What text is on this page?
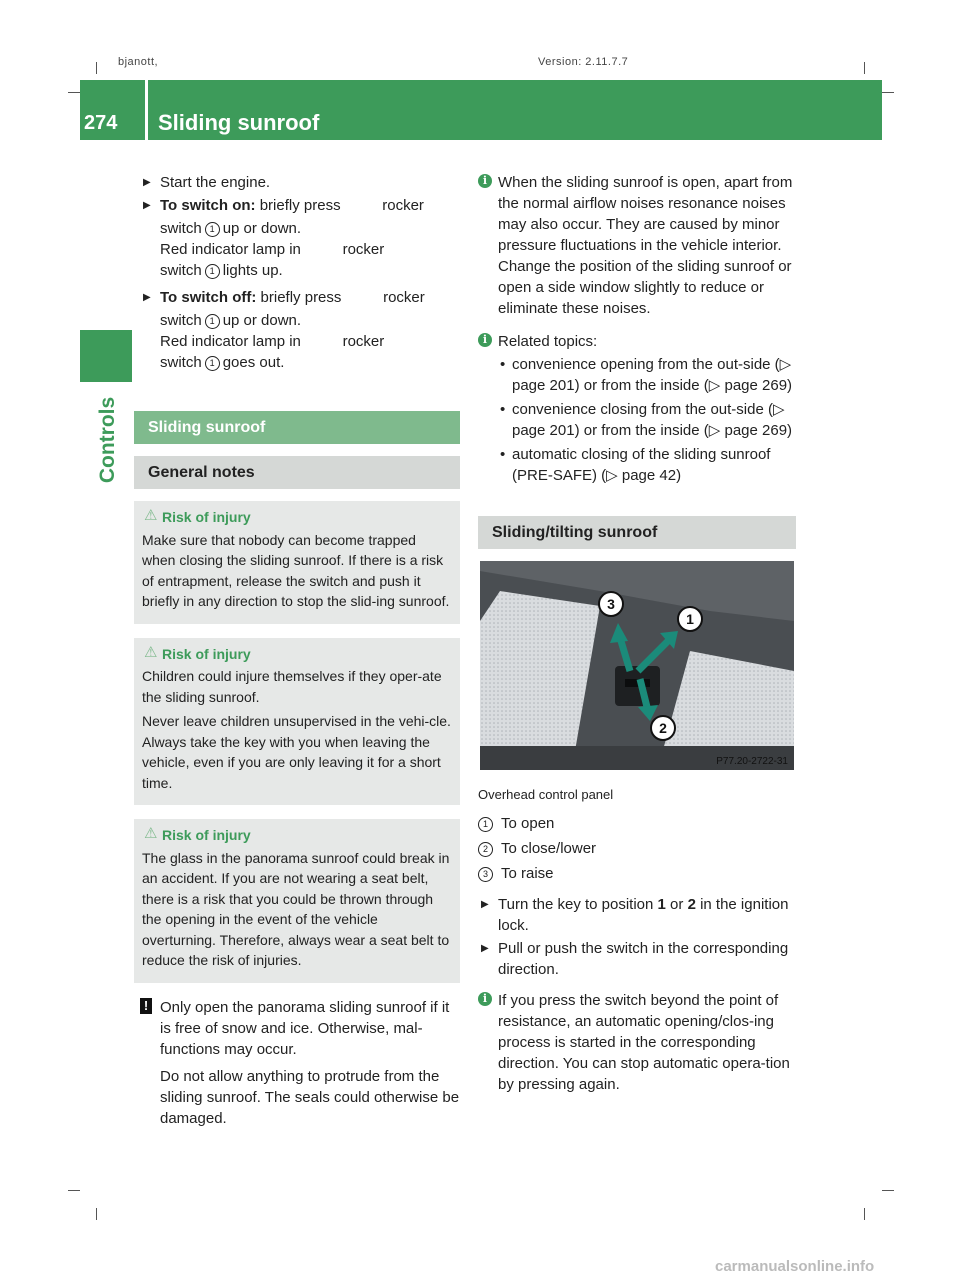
bjanott,	Version: 2.11.7.7
274 Sliding sunroof
Controls
▶ Start the engine.
▶ To switch on: briefly press          rocker
switch 1 up or down.
Red indicator lamp in          rocker
switch 1 lights up.
▶ To switch off: briefly press          rocker
switch 1 up or down.
Red indicator lamp in          rocker
switch 1 goes out.
Sliding sunroof
General notes
⚠ Risk of injury

Make sure that nobody can become trapped when closing the sliding sunroof. If there is a risk of entrapment, release the switch and push it briefly in any direction to stop the slid-ing sunroof.

⚠ Risk of injury

Children could injure themselves if they oper-ate the sliding sunroof.

Never leave children unsupervised in the vehi-cle. Always take the key with you when leaving the vehicle, even if you are only leaving it for a short time.

⚠ Risk of injury

The glass in the panorama sunroof could break in an accident. If you are not wearing a seat belt, there is a risk that you could be thrown through the opening in the event of the vehicle overturning. Therefore, always wear a seat belt to reduce the risk of injuries.

! Only open the panorama sliding sunroof if it is free of snow and ice. Otherwise, mal-functions may occur.

Do not allow anything to protrude from the sliding sunroof. The seals could otherwise be damaged.

i When the sliding sunroof is open, apart from the normal airflow noises resonance noises may also occur. They are caused by minor pressure fluctuations in the vehicle interior. Change the position of the sliding sunroof or open a side window slightly to reduce or eliminate these noises.
i Related topics:
• convenience opening from the out-side (▷ page 201) or from the inside (▷ page 269)
• convenience closing from the out-side (▷ page 201) or from the inside (▷ page 269)
• automatic closing of the sliding sunroof (PRE-SAFE) (▷ page 42)
Sliding/tilting sunroof
3
1
2
P77.20-2722-31
Overhead control panel
1 To open
2 To close/lower
3 To raise
▶ Turn the key to position 1 or 2 in the ignition lock.
▶ Pull or push the switch in the corresponding direction.
i If you press the switch beyond the point of resistance, an automatic opening/clos-ing process is started in the corresponding direction. You can stop automatic opera-tion by pressing again.
carmanualsonline.info
